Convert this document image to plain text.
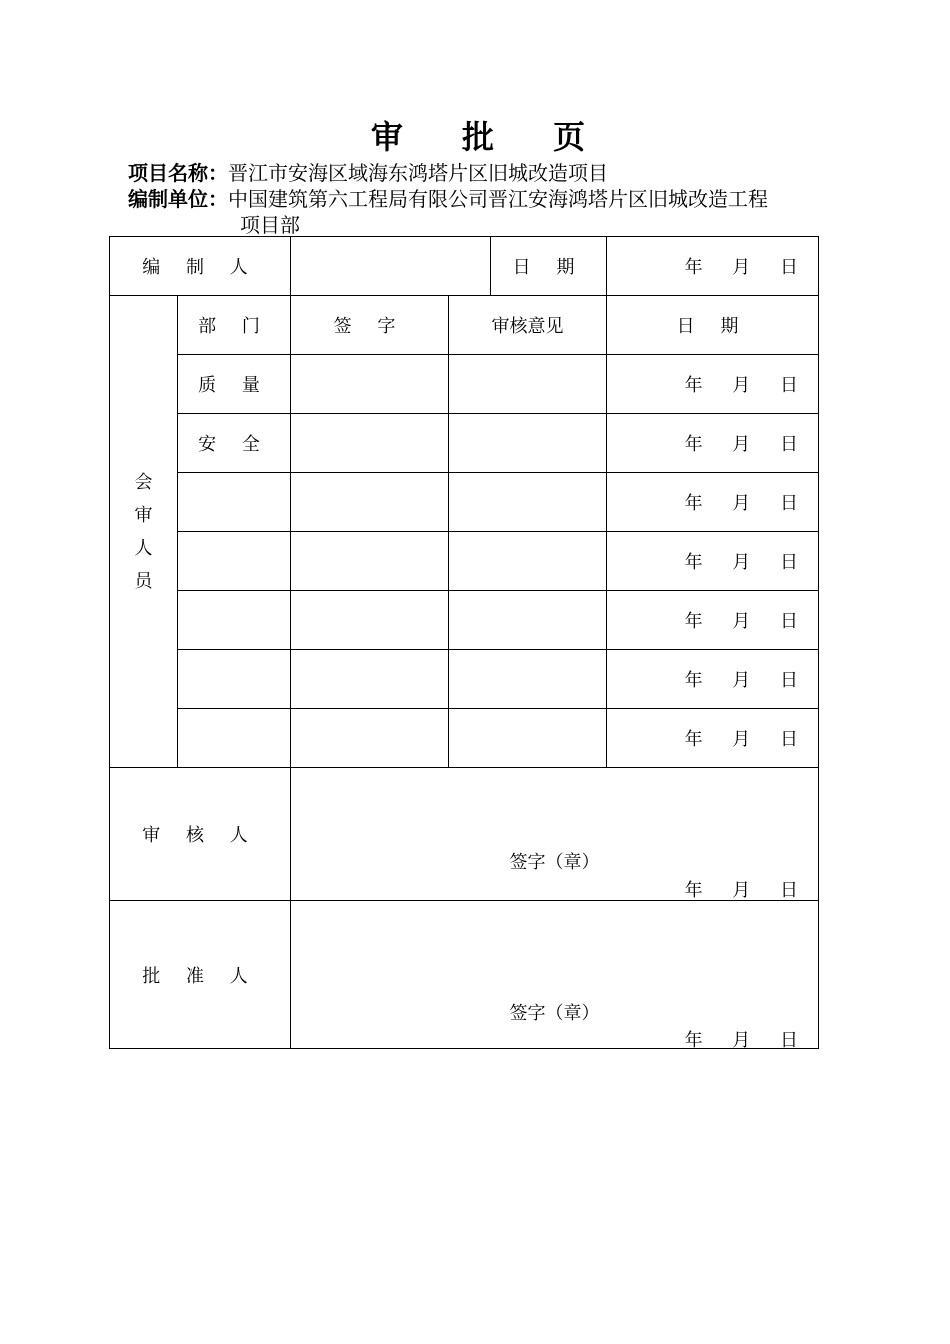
审 批 页
项目名称：晋江市安海区域海东鸿塔片区旧城改造项目
编制单位：中国建筑第六工程局有限公司晋江安海鸿塔片区旧城改造工程
项目部
编 制 人				日 期	年 月 日

会
审
人
员	部 门	签 字	审核意见		日 期
	质 量				年 月 日
	安 全				年 月 日
					年 月 日
					年 月 日
					年 月 日
					年 月 日
					年 月 日
审 核 人		签字（章）
年 月 日			

批 准 人		签字（章）
年 月 日			
